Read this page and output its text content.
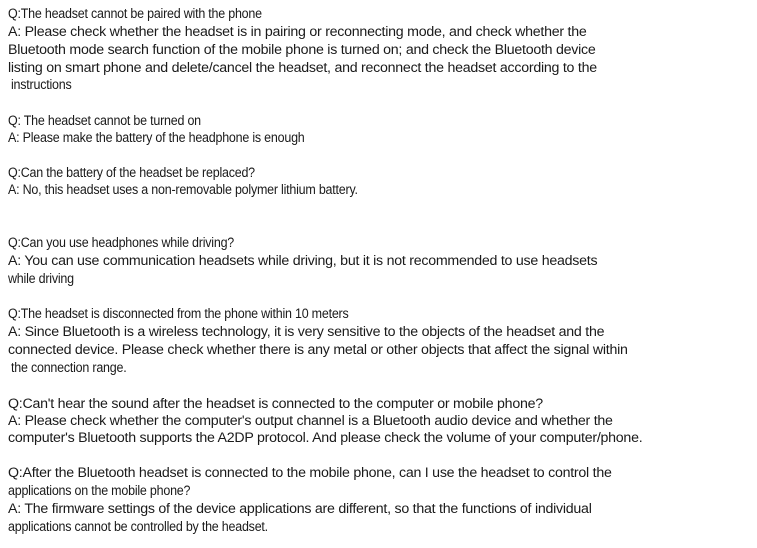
Q:The headset cannot be paired with the phone
A: Please check whether the headset is in pairing or reconnecting mode, and check whether the
Bluetooth mode search function of the mobile phone is turned on; and check the Bluetooth device
listing on smart phone and delete/cancel the headset, and reconnect the headset according to the
instructions
Q: The headset cannot be turned on
A: Please make the battery of the headphone is enough
Q:Can the battery of the headset be replaced?
A: No, this headset uses a non-removable polymer lithium battery.
Q:Can you use headphones while driving?
A: You can use communication headsets while driving, but it is not recommended to use headsets
while driving
Q:The headset is disconnected from the phone within 10 meters
A: Since Bluetooth is a wireless technology, it is very sensitive to the objects of the headset and the
connected device. Please check whether there is any metal or other objects that affect the signal within
the connection range.
Q:Can't hear the sound after the headset is connected to the computer or mobile phone?
A: Please check whether the computer's output channel is a Bluetooth audio device and whether the
computer's Bluetooth supports the A2DP protocol. And please check the volume of your computer/phone.
Q:After the Bluetooth headset is connected to the mobile phone, can I use the headset to control the
applications on the mobile phone?
A: The firmware settings of the device applications are different, so that the functions of individual
applications cannot be controlled by the headset.
